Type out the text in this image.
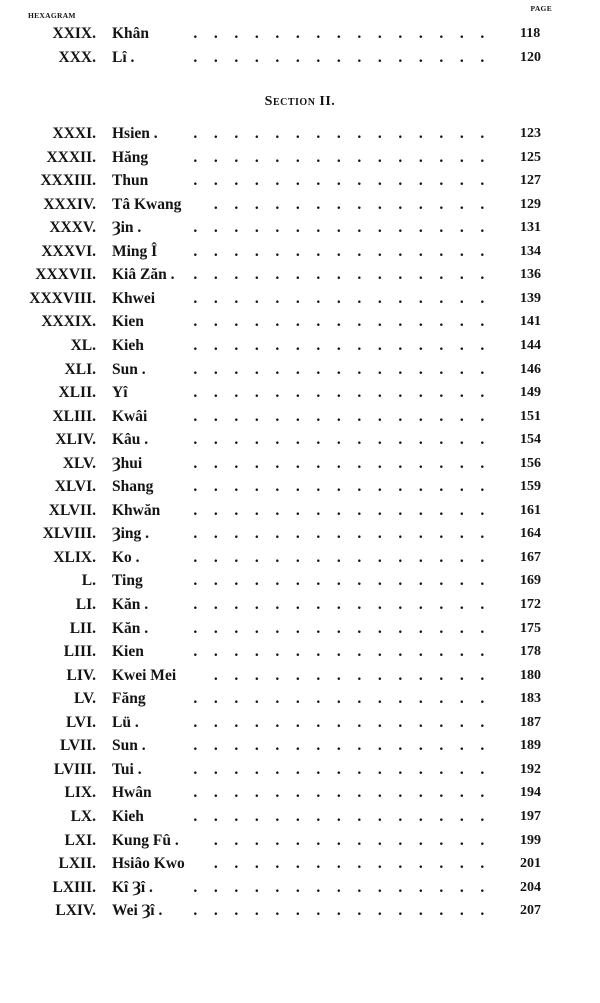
HEXAGRAM
PAGE
Section II.
XXIX. Khân	. . . . . . . . . . . . . . .	118
XXX. Lî .	. . . . . . . . . . . . . . .	120
XXXI. Hsien .	. . . . . . . . . . . . . . .	123
XXXII. Hăng	. . . . . . . . . . . . . . .	125
XXXIII. Thun	. . . . . . . . . . . . . . .	127
XXXIV. Tâ Kwang	. . . . . . . . . . . . . .	129
XXXV. Ȝin .	. . . . . . . . . . . . . . .	131
XXXVI. Ming Î	. . . . . . . . . . . . . . .	134
XXXVII. Kiâ Zăn .	. . . . . . . . . . . . . . .	136
XXXVIII. Khwei	. . . . . . . . . . . . . . .	139
XXXIX. Kien	. . . . . . . . . . . . . . .	141
XL. Kieh	. . . . . . . . . . . . . . .	144
XLI. Sun .	. . . . . . . . . . . . . . .	146
XLII. Yî	. . . . . . . . . . . . . . .	149
XLIII. Kwâi	. . . . . . . . . . . . . . .	151
XLIV. Kâu .	. . . . . . . . . . . . . . .	154
XLV. Ȝhui	. . . . . . . . . . . . . . .	156
XLVI. Shang	. . . . . . . . . . . . . . .	159
XLVII. Khwăn	. . . . . . . . . . . . . . .	161
XLVIII. Ȝing .	. . . . . . . . . . . . . . .	164
XLIX. Ko .	. . . . . . . . . . . . . . .	167
L. Ting	. . . . . . . . . . . . . . .	169
LI. Kăn .	. . . . . . . . . . . . . . .	172
LII. Kăn .	. . . . . . . . . . . . . . .	175
LIII. Kien	. . . . . . . . . . . . . . .	178
LIV. Kwei Mei	. . . . . . . . . . . . . .	180
LV. Făng	. . . . . . . . . . . . . . .	183
LVI. Lü .	. . . . . . . . . . . . . . .	187
LVII. Sun .	. . . . . . . . . . . . . . .	189
LVIII. Tui .	. . . . . . . . . . . . . . .	192
LIX. Hwân	. . . . . . . . . . . . . . .	194
LX. Kieh	. . . . . . . . . . . . . . .	197
LXI. Kung Fû .	. . . . . . . . . . . . . .	199
LXII. Hsiâo Kwo	. . . . . . . . . . . . . .	201
LXIII. Kî Ȝî .	. . . . . . . . . . . . . . .	204
LXIV. Wei Ȝî .	. . . . . . . . . . . . . . .	207
